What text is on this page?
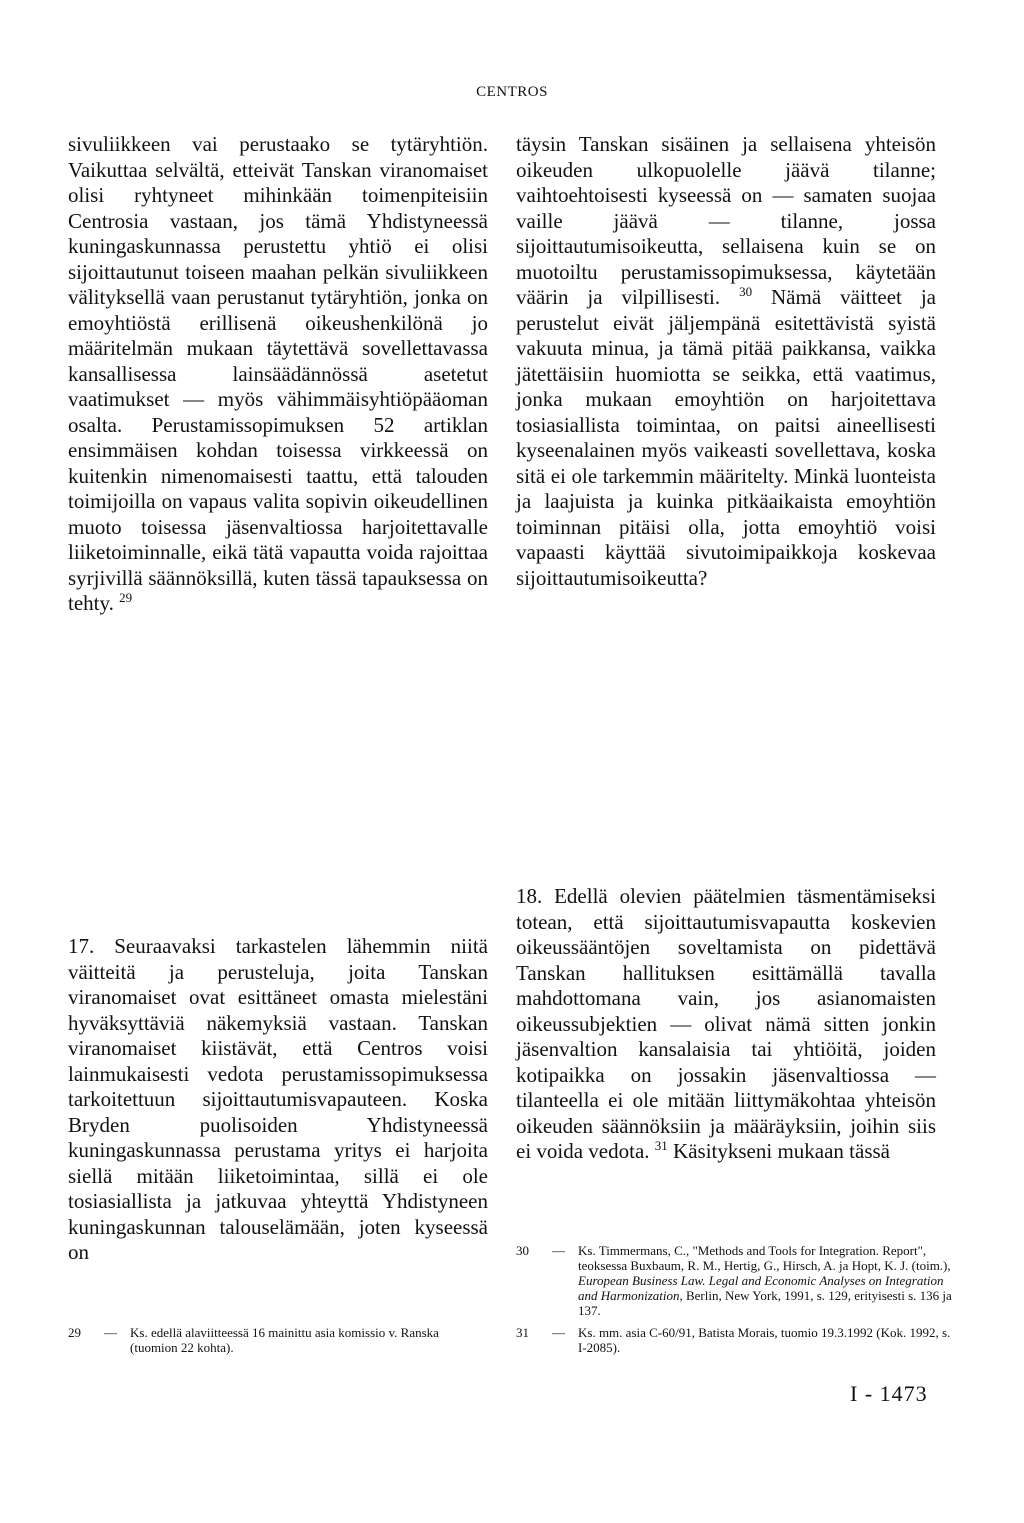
CENTROS

sivuliikkeen vai perustaako se tytäryhtiön. Vaikuttaa selvältä, etteivät Tanskan viranomaiset olisi ryhtyneet mihinkään toimenpiteisiin Centrosia vastaan, jos tämä Yhdistyneessä kuningaskunnassa perustettu yhtiö ei olisi sijoittautunut toiseen maahan pelkän sivuliikkeen välityksellä vaan perustanut tytäryhtiön, jonka on emoyhtiöstä erillisenä oikeushenkilönä jo määritelmän mukaan täytettävä sovellettavassa kansallisessa lainsäädännössä asetetut vaatimukset — myös vähimmäisyhtiöpääoman osalta. Perustamissopimuksen 52 artiklan ensimmäisen kohdan toisessa virkkeessä on kuitenkin nimenomaisesti taattu, että talouden toimijoilla on vapaus valita sopivin oikeudellinen muoto toisessa jäsenvaltiossa harjoitettavalle liiketoiminnalle, eikä tätä vapautta voida rajoittaa syrjivillä säännöksillä, kuten tässä tapauksessa on tehty. $^{29}$

täysin Tanskan sisäinen ja sellaisena yhteisön oikeuden ulkopuolelle jäävä tilanne; vaihtoehtoisesti kyseessä on — samaten suojaa vaille jäävä — tilanne, jossa sijoittautumisoikeutta, sellaisena kuin se on muotoiltu perustamissopimuksessa, käytetään väärin ja vilpillisesti. $^{30}$ Nämä väitteet ja perustelut eivät jäljempänä esitettävistä syistä vakuuta minua, ja tämä pitää paikkansa, vaikka jätettäisiin huomiotta se seikka, että vaatimus, jonka mukaan emoyhtiön on harjoitettava tosiasiallista toimintaa, on paitsi aineellisesti kyseenalainen myös vaikeasti sovellettava, koska sitä ei ole tarkemmin määritelty. Minkä luonteista ja laajuista ja kuinka pitkäaikaista emoyhtiön toiminnan pitäisi olla, jotta emoyhtiö voisi vapaasti käyttää sivutoimipaikkoja koskevaa sijoittautumisoikeutta?

17. Seuraavaksi tarkastelen lähemmin niitä väitteitä ja perusteluja, joita Tanskan viranomaiset ovat esittäneet omasta mielestäni hyväksyttäviä näkemyksiä vastaan. Tanskan viranomaiset kiistävät, että Centros voisi lainmukaisesti vedota perustamissopimuksessa tarkoitettuun sijoittautumisvapauteen. Koska Bryden puolisoiden Yhdistyneessä kuningaskunnassa perustama yritys ei harjoita siellä mitään liiketoimintaa, sillä ei ole tosiasiallista ja jatkuvaa yhteyttä Yhdistyneen kuningaskunnan talouselämään, joten kyseessä on

18. Edellä olevien päätelmien täsmentämiseksi totean, että sijoittautumisvapautta koskevien oikeussääntöjen soveltamista on pidettävä Tanskan hallituksen esittämällä tavalla mahdottomana vain, jos asianomaisten oikeussubjektien — olivat nämä sitten jonkin jäsenvaltion kansalaisia tai yhtiöitä, joiden kotipaikka on jossakin jäsenvaltiossa — tilanteella ei ole mitään liittymäkohtaa yhteisön oikeuden säännöksiin ja määräyksiin, joihin siis ei voida vedota. $^{31}$ Käsitykseni mukaan tässä

29	—	Ks. edellä alaviitteessä 16 mainittu asia komissio v. Ranska (tuomion 22 kohta).
30	—	Ks. Timmermans, C., "Methods and Tools for Integration. Report", teoksessa Buxbaum, R. M., Hertig, G., Hirsch, A. ja Hopt, K. J. (toim.), European Business Law. Legal and Economic Analyses on Integration and Harmonization, Berlin, New York, 1991, s. 129, erityisesti s. 136 ja 137.
31	—	Ks. mm. asia C-60/91, Batista Morais, tuomio 19.3.1992 (Kok. 1992, s. I-2085).
I - 1473
